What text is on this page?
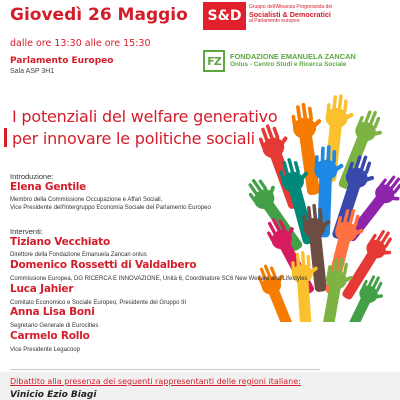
Giovedì 26 Maggio
dalle ore 13:30 alle ore 15:30
Parlamento Europeo
Sala ASP 3H1
S&D
Gruppo dell'Alleanza Progressista dei
Socialisti & Democratici
al Parlamento europeo
FZ	FONDAZIONE EMANUELA ZANCAN
Onlus - Centro Studi e Ricerca Sociale
I potenziali del welfare generativo
per innovare le politiche sociali
Introduzione:
Elena Gentile
Membro della Commissione Occupazione e Affari Sociali,
Vice Presidente dell'Intergruppo Economia Sociale del Parlamento Europeo
Interventi:
Tiziano Vecchiato
Direttore della Fondazione Emanuela Zancan onlus
Domenico Rossetti di Valdalbero
Commissione Europea, DG RICERCA E INNOVAZIONE, Unità 6, Coordinatore SC6 New Welfare and Lifestyles
Luca Jahier
Comitato Economico e Sociale Europeo, Presidente del Gruppo III
Anna Lisa Boni
Segretario Generale di Eurocities
Carmelo Rollo
Vice Presidente Legacoop
Dibattito alla presenza dei seguenti rappresentanti delle regioni italiane:
Vinicio Ezio Biagi
